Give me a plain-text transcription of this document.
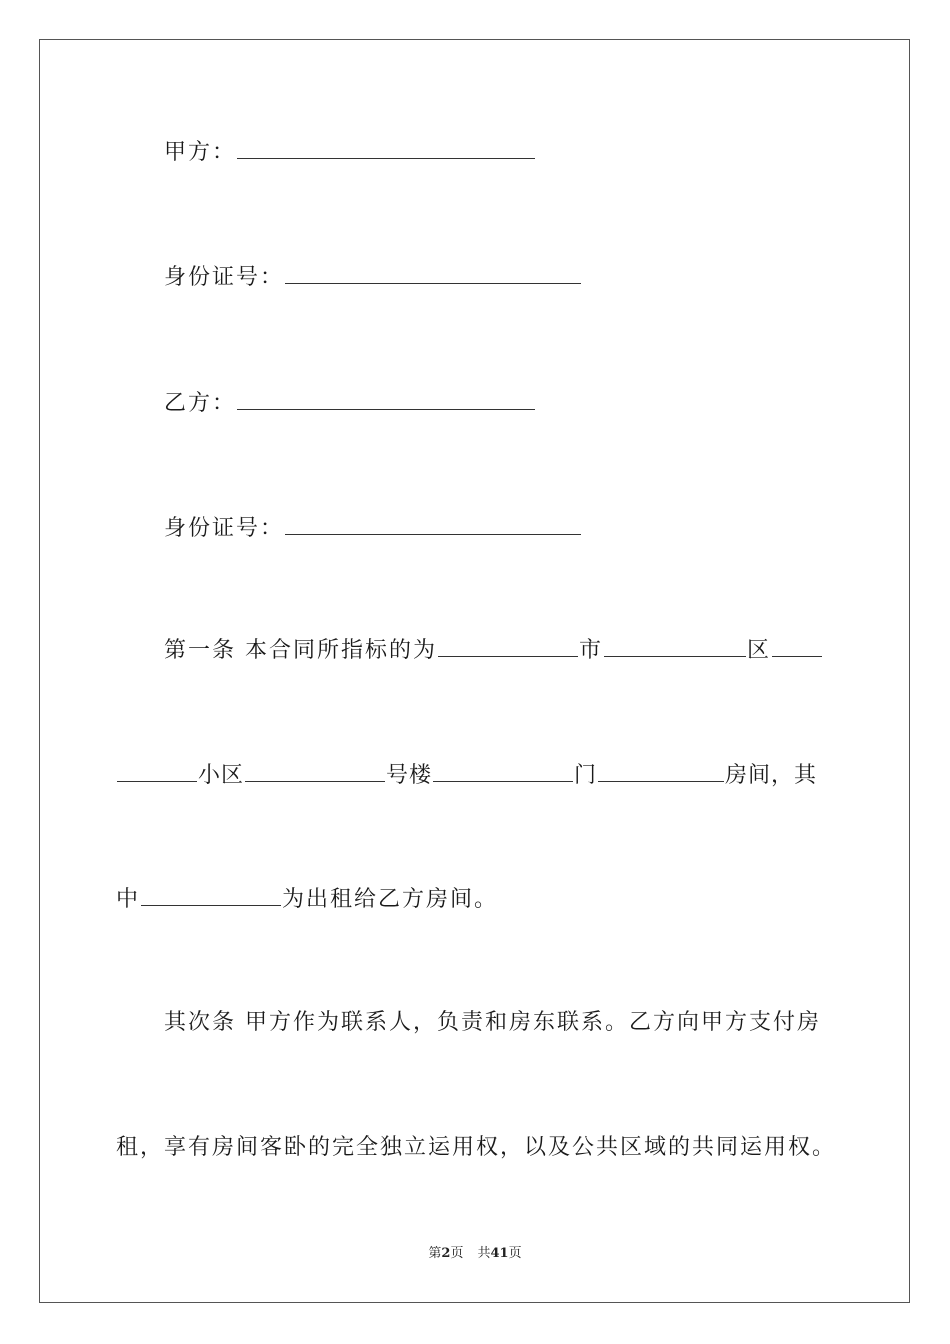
甲方：
身份证号：
乙方：
身份证号：
第一条 本合同所指标的为	市	区
小区	号楼	门	房间，其
中	为出租给乙方房间。
其次条 甲方作为联系人，负责和房东联系。乙方向甲方支付房
租，享有房间客卧的完全独立运用权，以及公共区域的共同运用权。
第2页 共41页
